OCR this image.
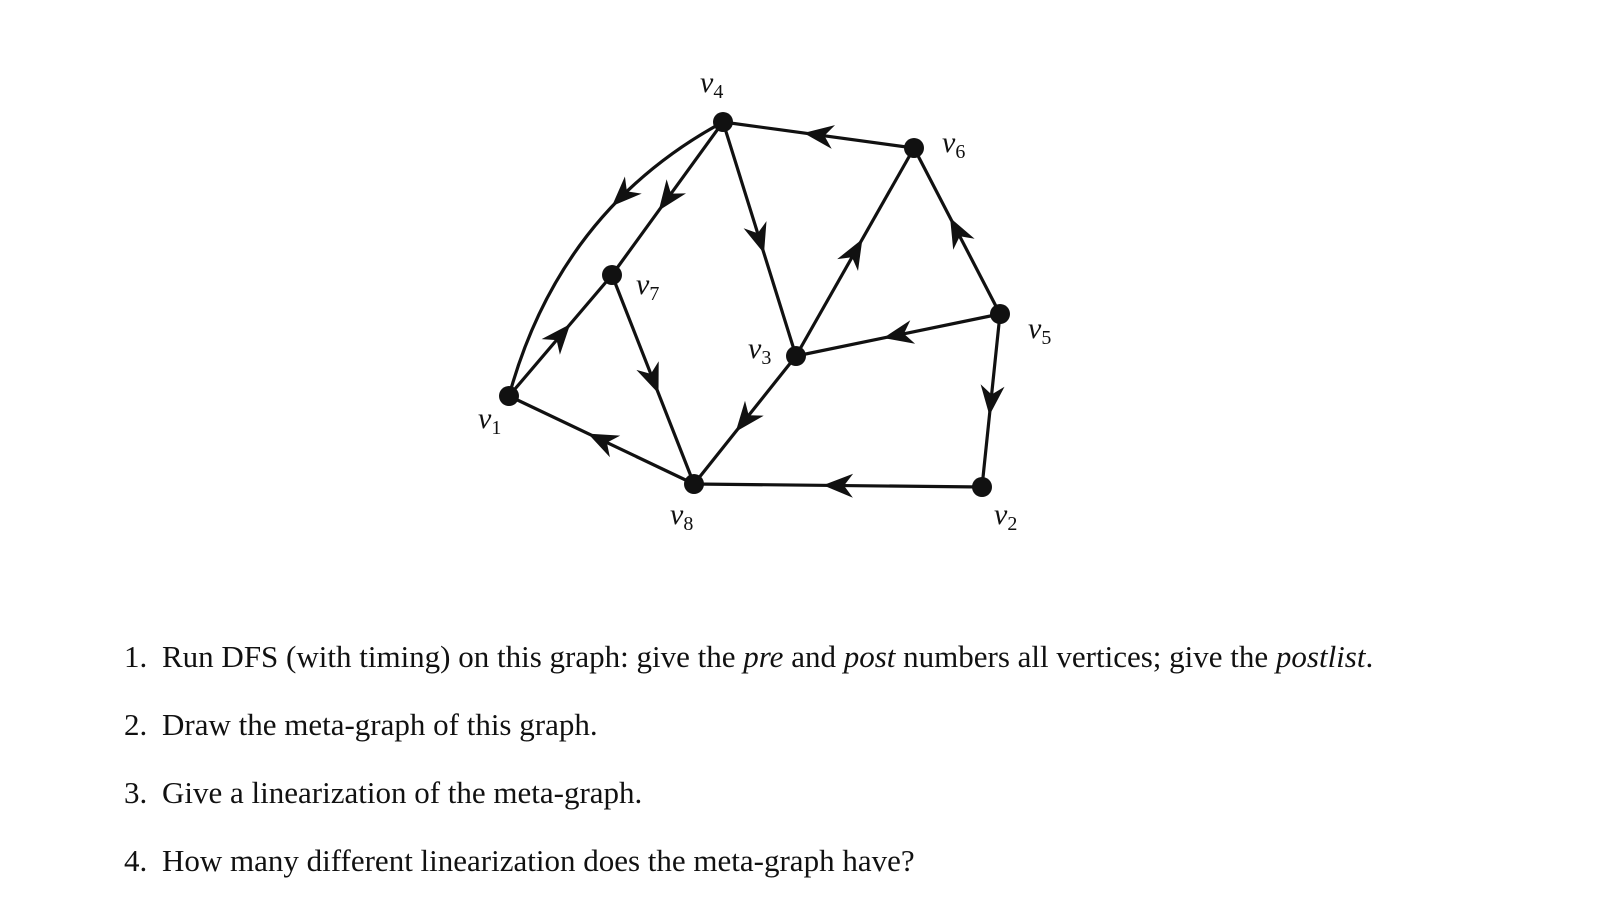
$v_1$
$v_2$
$v_3$
$v_4$
$v_5$
$v_6$
$v_7$
$v_8$
1. Run DFS (with timing) on this graph: give the pre and post numbers all vertices; give the postlist.
2. Draw the meta-graph of this graph.
3. Give a linearization of the meta-graph.
4. How many different linearization does the meta-graph have?
